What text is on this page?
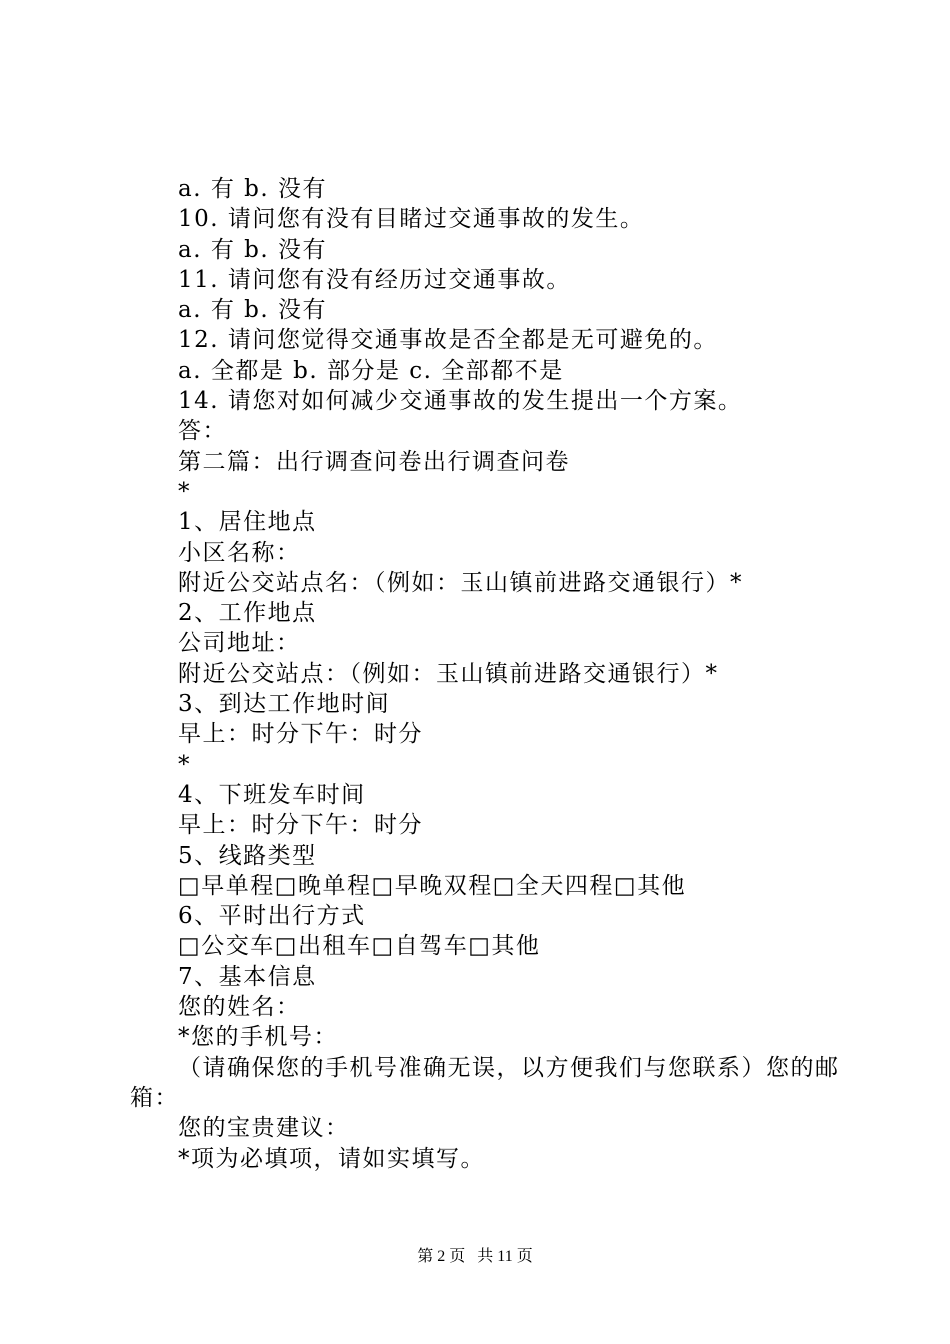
a. 有 b. 没有
10. 请问您有没有目睹过交通事故的发生。
a. 有 b. 没有
11. 请问您有没有经历过交通事故。
a. 有 b. 没有
12. 请问您觉得交通事故是否全都是无可避免的。
a. 全都是 b. 部分是 c. 全部都不是
14. 请您对如何减少交通事故的发生提出一个方案。
答：
第二篇：出行调查问卷出行调查问卷
*
1、居住地点
小区名称：
附近公交站点名：（例如：玉山镇前进路交通银行）*
2、工作地点
公司地址：
附近公交站点：（例如：玉山镇前进路交通银行）*
3、到达工作地时间
早上：时分下午：时分
*
4、下班发车时间
早上：时分下午：时分
5、线路类型
□早单程□晚单程□早晚双程□全天四程□其他
6、平时出行方式
□公交车□出租车□自驾车□其他
7、基本信息
您的姓名：
*您的手机号：
（请确保您的手机号准确无误，以方便我们与您联系）您的邮箱：
您的宝贵建议：
*项为必填项，请如实填写。
第 2 页 共 11 页
